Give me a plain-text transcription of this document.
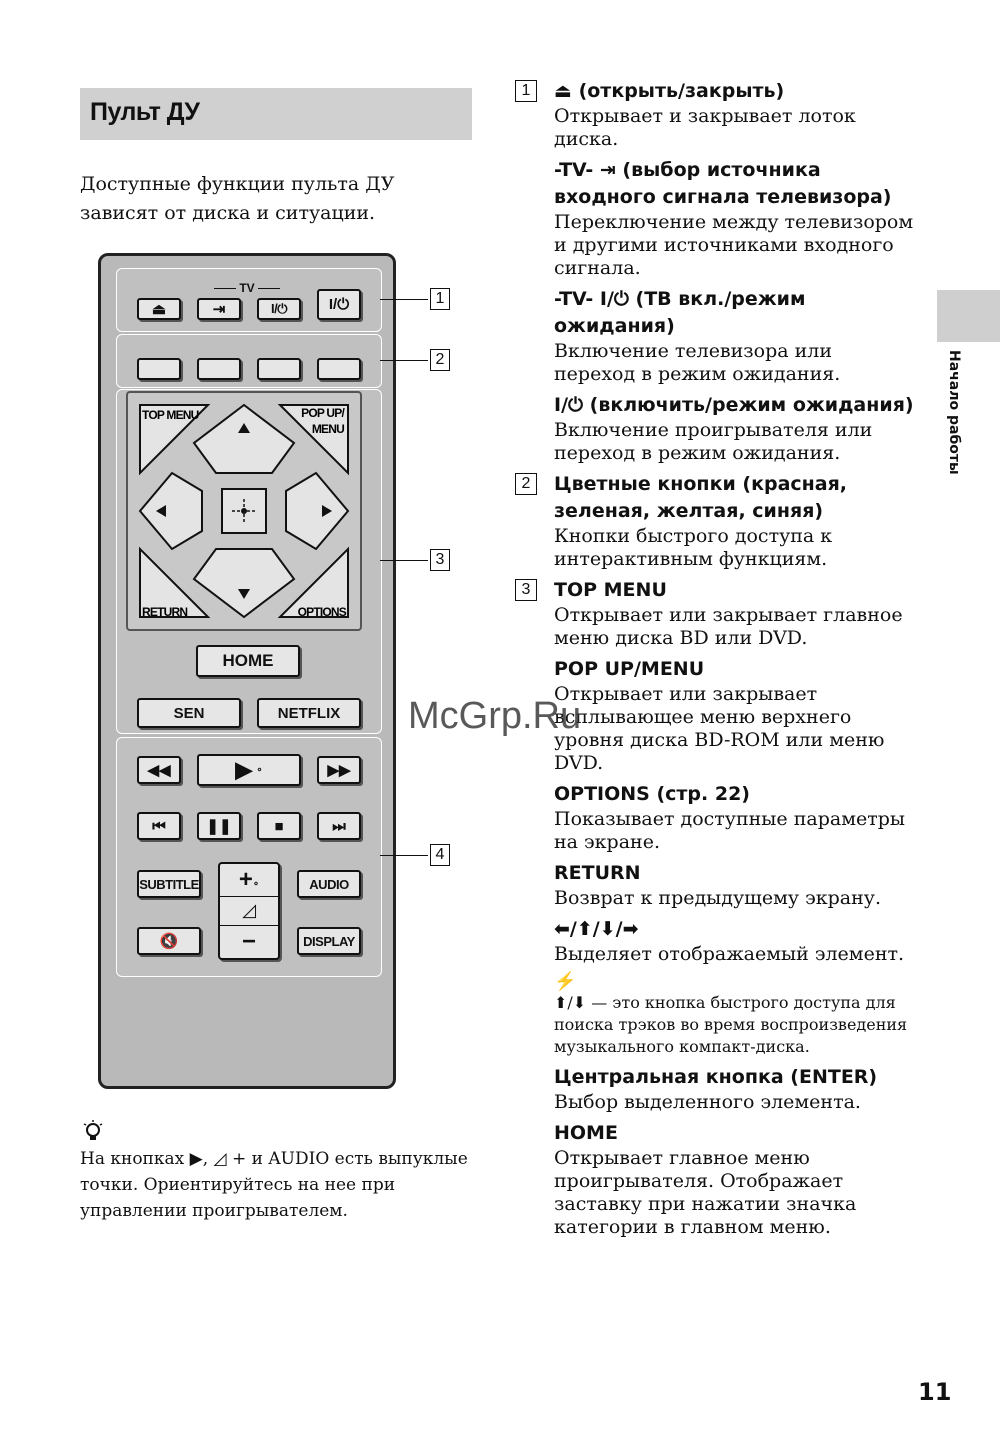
Пульт ДУ
Доступные функции пульта ДУ зависят от диска и ситуации.
TV
⏏	⇥	I/⏻	I/⏻
TOP MENU	POP UP/
MENU
RETURN	OPTIONS
HOME
SEN	NETFLIX
◀◀	▶ ∘	▶▶
⏮	❚❚	■	⏭
SUBTITLE	AUDIO
+∘
◿
−
🔇	DISPLAY
1
2
3
4
На кнопках ▶, ◿ + и AUDIO есть выпуклые точки. Ориентируйтесь на нее при управлении проигрывателем.
1	⏏ (открыть/закрыть)
Открывает и закрывает лоток диска.
-TV- ⇥ (выбор источника входного сигнала телевизора)
Переключение между телевизором и другими источниками входного сигнала.
-TV- I/⏻ (ТВ вкл./режим ожидания)
Включение телевизора или переход в режим ожидания.
I/⏻ (включить/режим ожидания)
Включение проигрывателя или переход в режим ожидания.
2	Цветные кнопки (красная, зеленая, желтая, синяя)
Кнопки быстрого доступа к интерактивным функциям.
3	TOP MENU
Открывает или закрывает главное меню диска BD или DVD.
POP UP/MENU
Открывает или закрывает всплывающее меню верхнего уровня диска BD-ROM или меню DVD.
OPTIONS (стр. 22)
Показывает доступные параметры на экране.
RETURN
Возврат к предыдущему экрану.
⬅/⬆/⬇/➡
Выделяет отображаемый элемент.
⚡
⬆/⬇ — это кнопка быстрого доступа для поиска трэков во время воспроизведения музыкального компакт-диска.
Центральная кнопка (ENTER)
Выбор выделенного элемента.
HOME
Открывает главное меню проигрывателя. Отображает заставку при нажатии значка категории в главном меню.
Начало работы
11
McGrp.Ru
